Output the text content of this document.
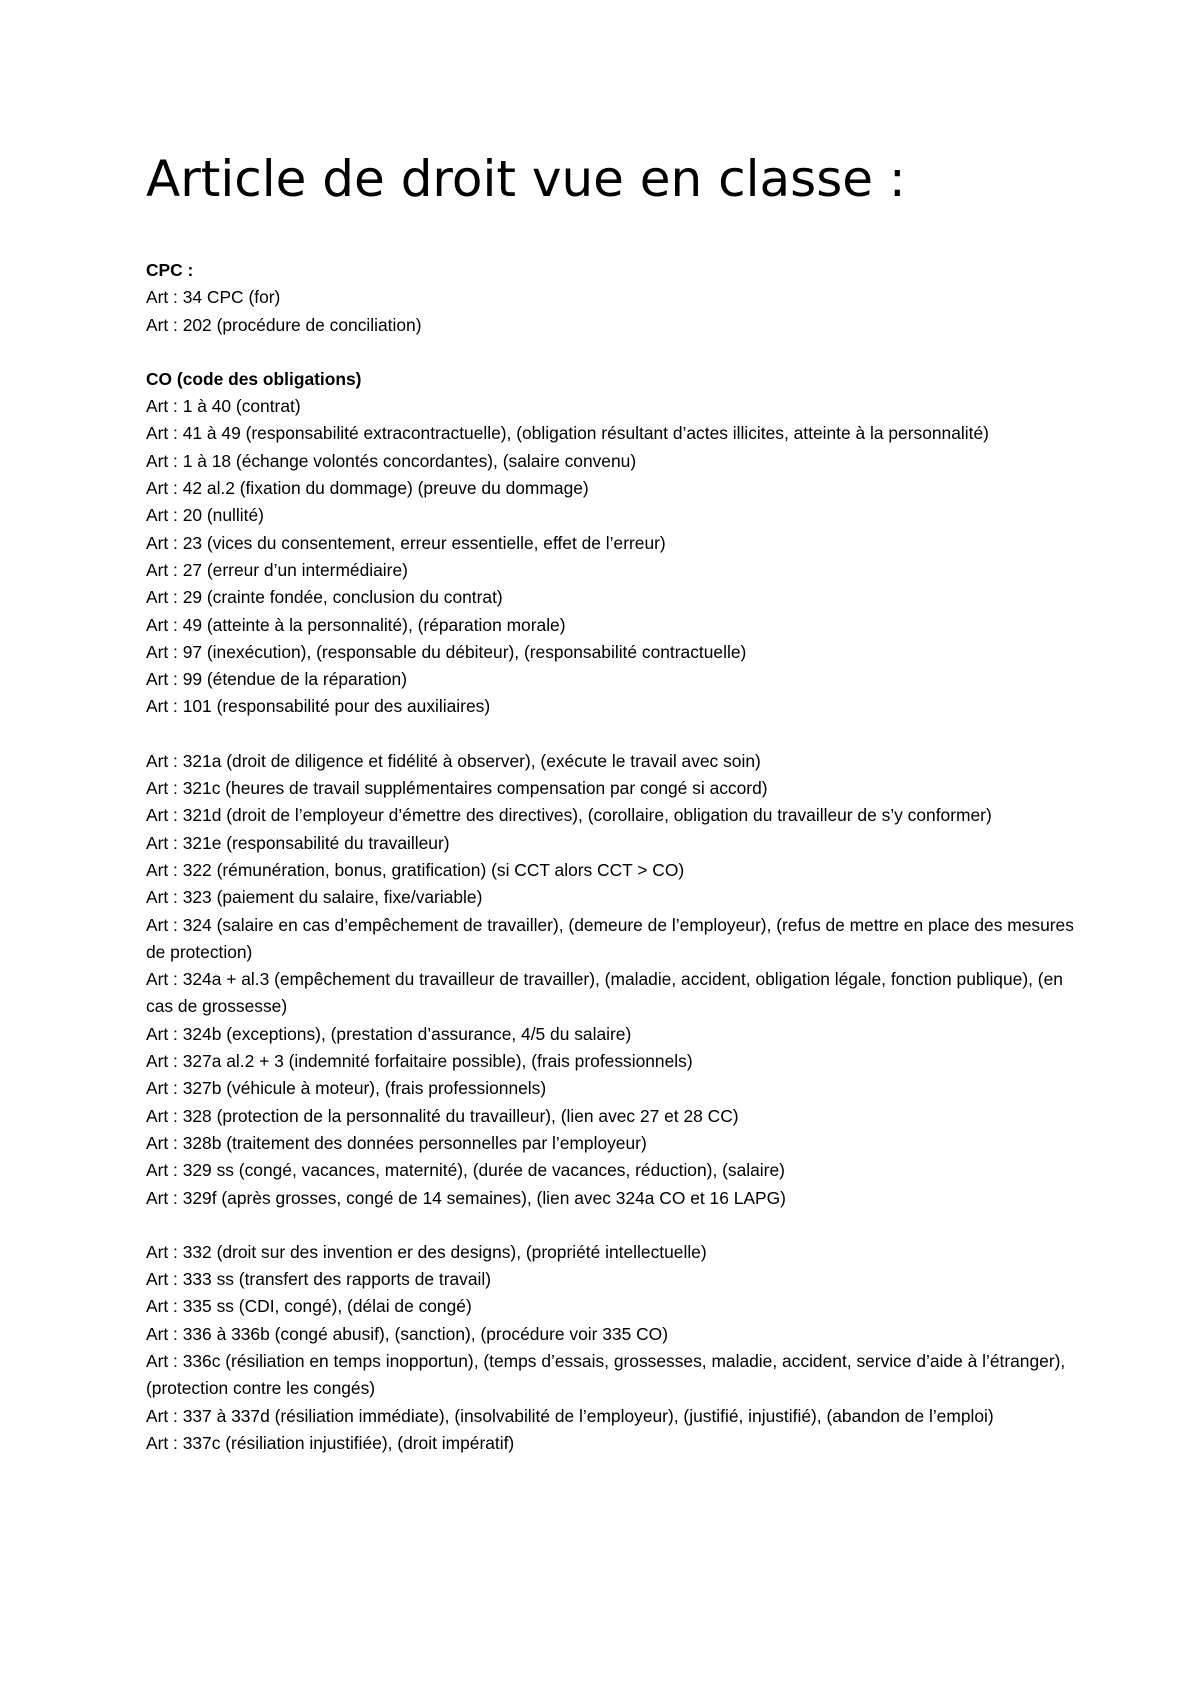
Article de droit vue en classe :
CPC :
Art : 34 CPC (for)
Art : 202 (procédure de conciliation)
CO (code des obligations)
Art : 1 à 40 (contrat)
Art : 41 à 49 (responsabilité extracontractuelle), (obligation résultant d’actes illicites, atteinte à la personnalité)
Art : 1 à 18 (échange volontés concordantes), (salaire convenu)
Art : 42 al.2 (fixation du dommage) (preuve du dommage)
Art : 20 (nullité)
Art : 23 (vices du consentement, erreur essentielle, effet de l’erreur)
Art : 27 (erreur d’un intermédiaire)
Art : 29 (crainte fondée, conclusion du contrat)
Art : 49 (atteinte à la personnalité), (réparation morale)
Art : 97 (inexécution), (responsable du débiteur), (responsabilité contractuelle)
Art : 99 (étendue de la réparation)
Art : 101 (responsabilité pour des auxiliaires)
Art : 321a (droit de diligence et fidélité à observer), (exécute le travail avec soin)
Art : 321c (heures de travail supplémentaires compensation par congé si accord)
Art : 321d (droit de l’employeur d’émettre des directives), (corollaire, obligation du travailleur de s’y conformer)
Art : 321e (responsabilité du travailleur)
Art : 322 (rémunération, bonus, gratification) (si CCT alors CCT > CO)
Art : 323 (paiement du salaire, fixe/variable)
Art : 324 (salaire en cas d’empêchement de travailler), (demeure de l’employeur), (refus de mettre en place des mesures de protection)
Art : 324a + al.3 (empêchement du travailleur de travailler), (maladie, accident, obligation légale, fonction publique), (en cas de grossesse)
Art : 324b (exceptions), (prestation d’assurance, 4/5 du salaire)
Art : 327a al.2 + 3 (indemnité forfaitaire possible), (frais professionnels)
Art : 327b (véhicule à moteur), (frais professionnels)
Art : 328 (protection de la personnalité du travailleur), (lien avec 27 et 28 CC)
Art : 328b (traitement des données personnelles par l’employeur)
Art : 329 ss (congé, vacances, maternité), (durée de vacances, réduction), (salaire)
Art : 329f (après grosses, congé de 14 semaines), (lien avec 324a CO et 16 LAPG)
Art : 332 (droit sur des invention er des designs), (propriété intellectuelle)
Art : 333 ss (transfert des rapports de travail)
Art : 335 ss (CDI, congé), (délai de congé)
Art : 336 à 336b (congé abusif), (sanction), (procédure voir 335 CO)
Art : 336c (résiliation en temps inopportun), (temps d’essais, grossesses, maladie, accident, service d’aide à l’étranger), (protection contre les congés)
Art : 337 à 337d (résiliation immédiate), (insolvabilité de l’employeur), (justifié, injustifié), (abandon de l’emploi)
Art : 337c (résiliation injustifiée), (droit impératif)
